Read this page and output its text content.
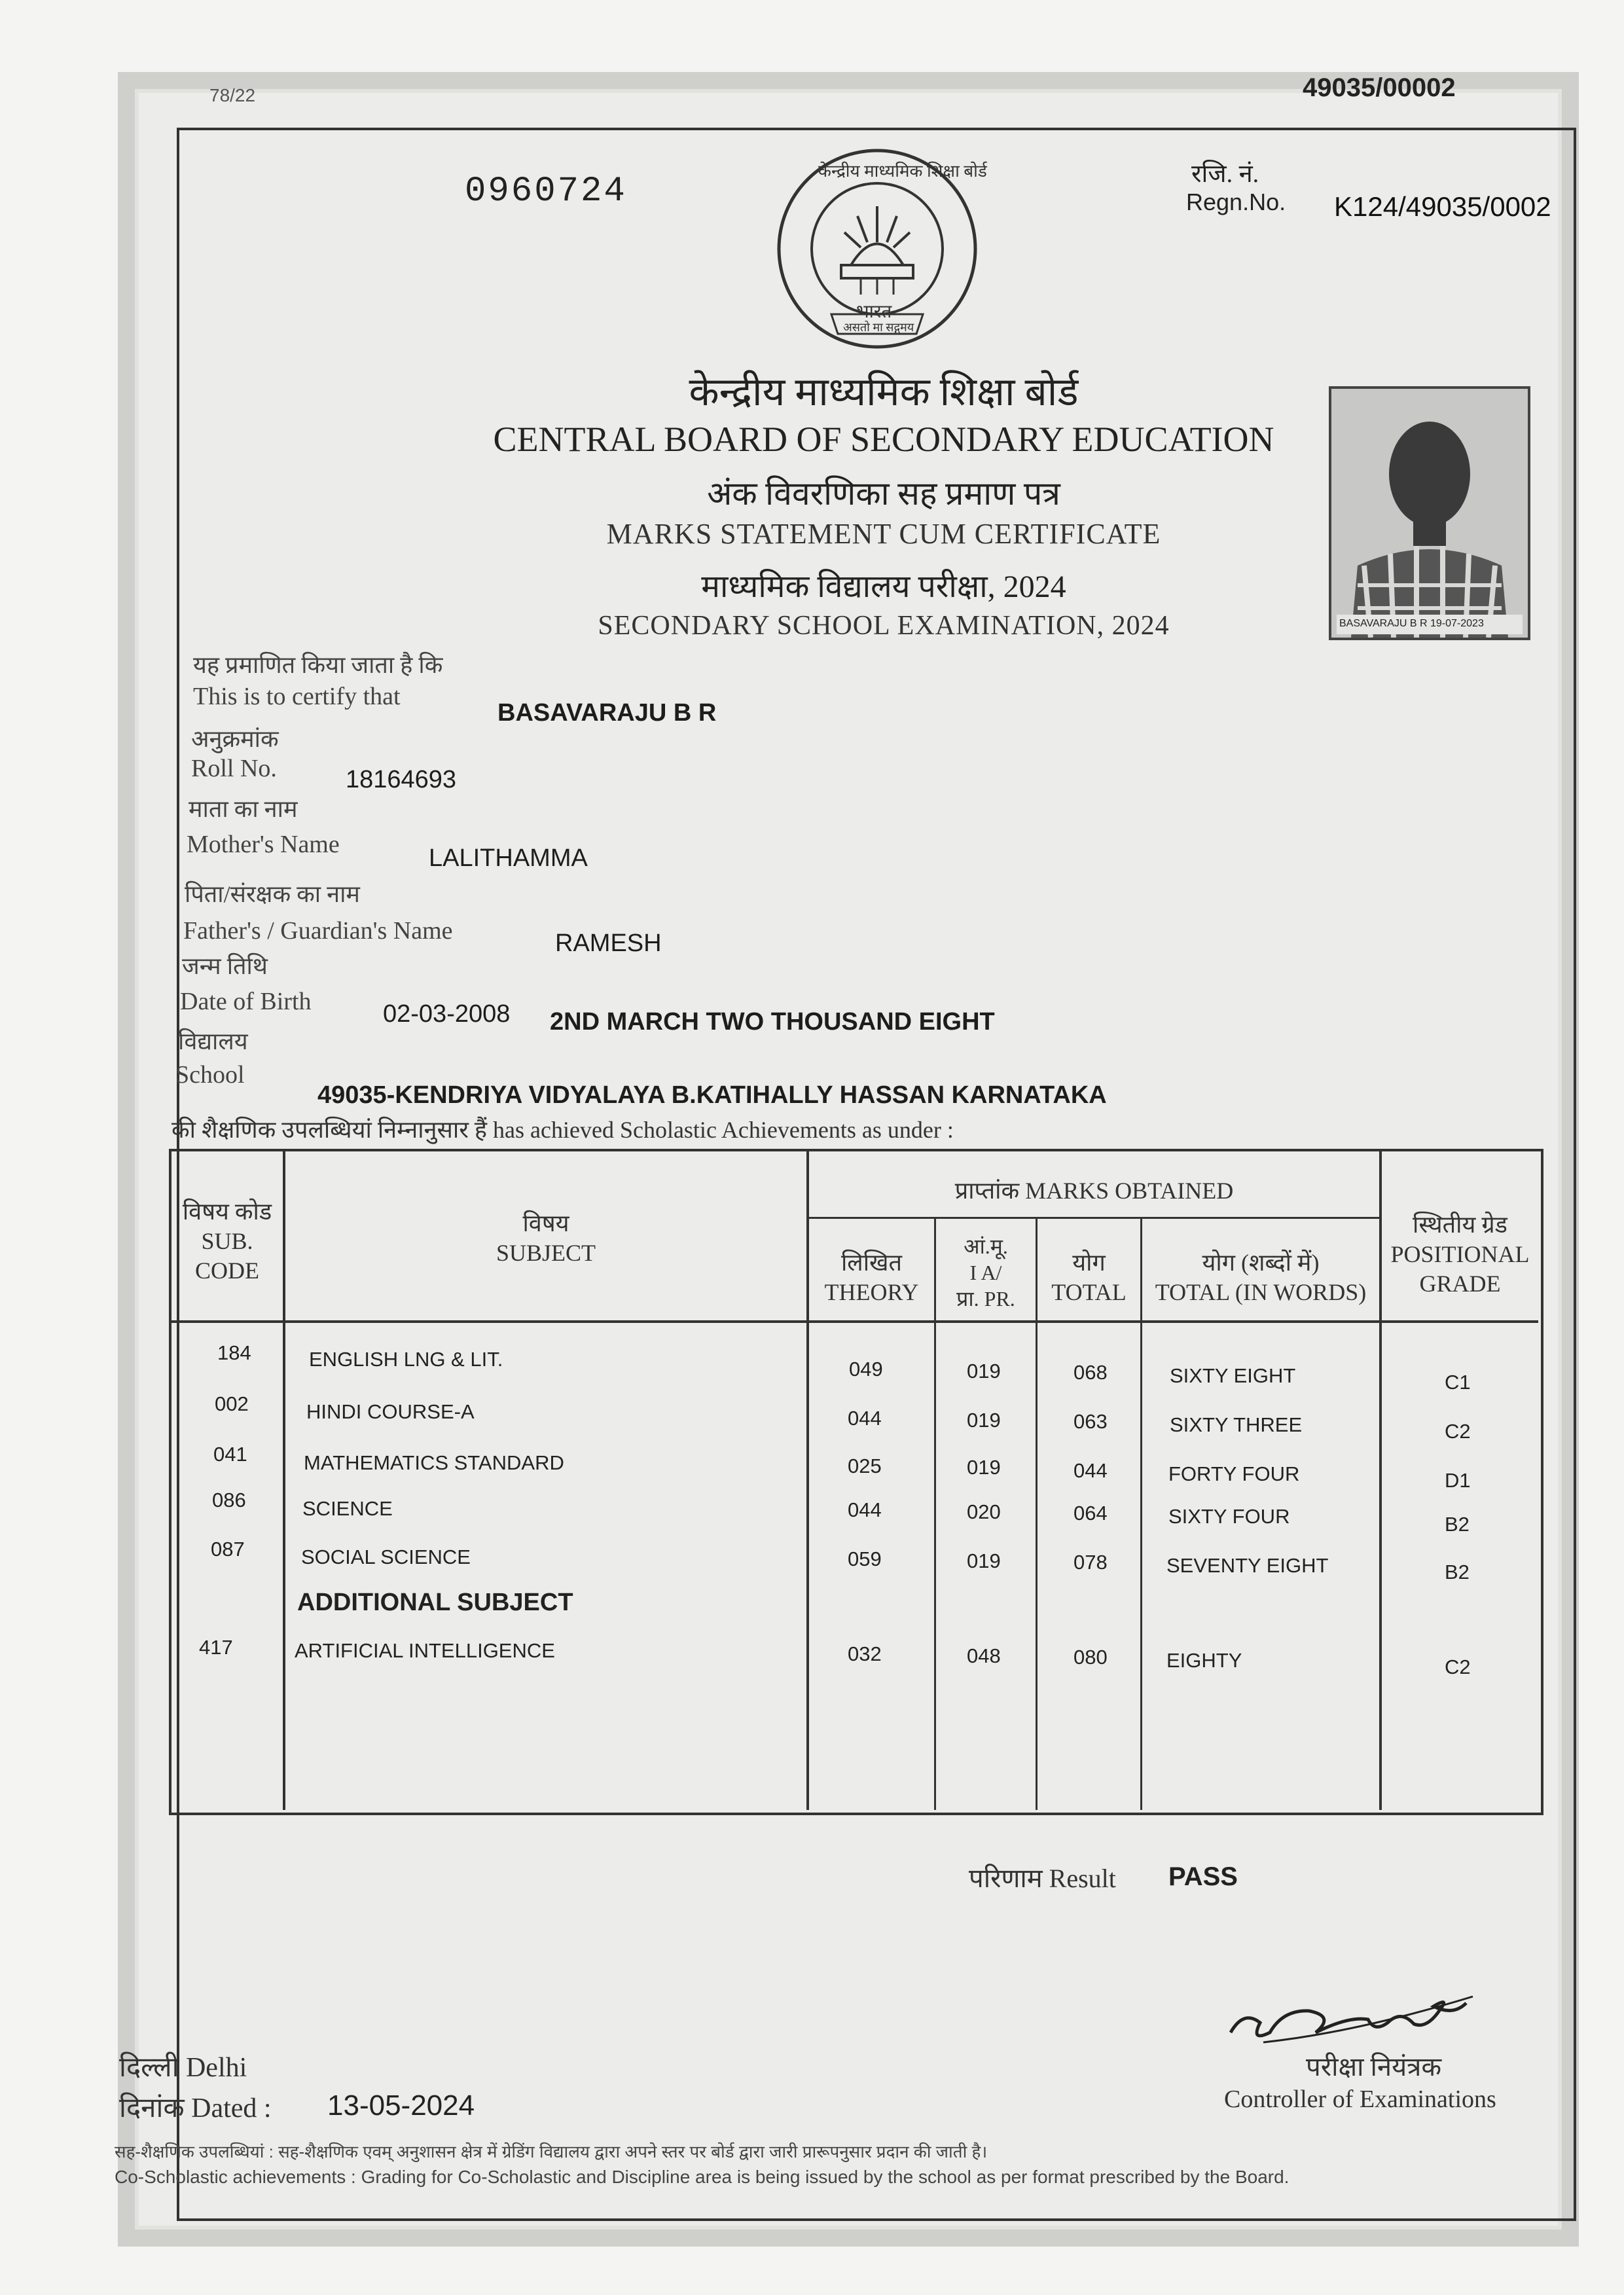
78/22	49035/00002
0960724
केन्द्रीय माध्यमिक शिक्षा बोर्ड
भारत
असतो मा सद्गमय
रजि. नं.
Regn.No. K124/49035/0002
BASAVARAJU B R 19-07-2023
केन्द्रीय माध्यमिक शिक्षा बोर्ड
CENTRAL BOARD OF SECONDARY EDUCATION
अंक विवरणिका सह प्रमाण पत्र
MARKS STATEMENT CUM CERTIFICATE
माध्यमिक विद्यालय परीक्षा, 2024
SECONDARY SCHOOL EXAMINATION, 2024
यह प्रमाणित किया जाता है कि
This is to certify that
BASAVARAJU B R
अनुक्रमांक
Roll No.	18164693
माता का नाम
Mother's Name	LALITHAMMA
पिता/संरक्षक का नाम
Father's / Guardian's Name	RAMESH
जन्म तिथि
Date of Birth	02-03-2008 2ND MARCH TWO THOUSAND EIGHT
विद्यालय
School
49035-KENDRIYA VIDYALAYA B.KATIHALLY HASSAN KARNATAKA
की शैक्षणिक उपलब्धियां निम्नानुसार हैं has achieved Scholastic Achievements as under :
विषय कोड
SUB.
CODE
विषय
SUBJECT
प्राप्तांक MARKS OBTAINED
लिखित
THEORY
आं.मू.
I A/
प्रा. PR.
योग
TOTAL
योग (शब्दों में)
TOTAL (IN WORDS)
स्थितीय ग्रेड
POSITIONAL
GRADE
184	ENGLISH LNG & LIT.	049	019	068	SIXTY EIGHT	C1
002	HINDI COURSE-A	044	019	063	SIXTY THREE	C2
041	MATHEMATICS STANDARD	025	019	044	FORTY FOUR	D1
086	SCIENCE	044	020	064	SIXTY FOUR	B2
087	SOCIAL SCIENCE	059	019	078	SEVENTY EIGHT	B2
ADDITIONAL SUBJECT
417	ARTIFICIAL INTELLIGENCE	032	048	080	EIGHTY	C2
परिणाम Result PASS
दिल्ली Delhi
दिनांक Dated : 13-05-2024
परीक्षा नियंत्रक
Controller of Examinations
सह-शैक्षणिक उपलब्धियां : सह-शैक्षणिक एवम् अनुशासन क्षेत्र में ग्रेडिंग विद्यालय द्वारा अपने स्तर पर बोर्ड द्वारा जारी प्रारूपनुसार प्रदान की जाती है।
Co-Scholastic achievements : Grading for Co-Scholastic and Discipline area is being issued by the school as per format prescribed by the Board.
